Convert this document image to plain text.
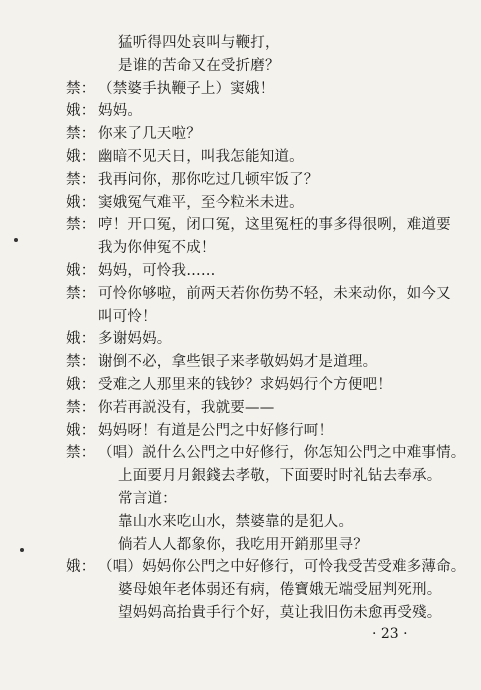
猛听得四处哀叫与鞭打，
是谁的苦命又在受折磨？
禁： （禁婆手执鞭子上）窦娥！
娥： 妈妈。
禁： 你来了几天啦？
娥： 幽暗不见天日，叫我怎能知道。
禁： 我再问你，那你吃过几顿牢饭了？
娥： 窦娥冤气难平，至今粒米未进。
禁： 哼！开口冤，闭口冤，这里冤枉的事多得很咧，难道要
我为你伸冤不成！
娥： 妈妈，可怜我……
禁： 可怜你够啦，前两天若你伤势不轻，未来动你，如今又
叫可怜！
娥： 多谢妈妈。
禁： 谢倒不必，拿些银子来孝敬妈妈才是道理。
娥： 受难之人那里来的钱钞？求妈妈行个方便吧！
禁： 你若再説没有，我就要——
娥： 妈妈呀！有道是公門之中好修行呵！
禁： （唱）説什么公門之中好修行，你怎知公門之中难事情。
上面要月月銀錢去孝敬，下面要时时礼钻去奉承。
常言道：
靠山水来吃山水，禁婆靠的是犯人。
倘若人人都象你，我吃用开銷那里寻？
娥： （唱）妈妈你公門之中好修行，可怜我受苦受难多薄命。
婆母娘年老体弱还有病，倦寶娥无端受屈判死刑。
望妈妈高抬貴手行个好，莫让我旧伤未愈再受殘。
· 23 ·
